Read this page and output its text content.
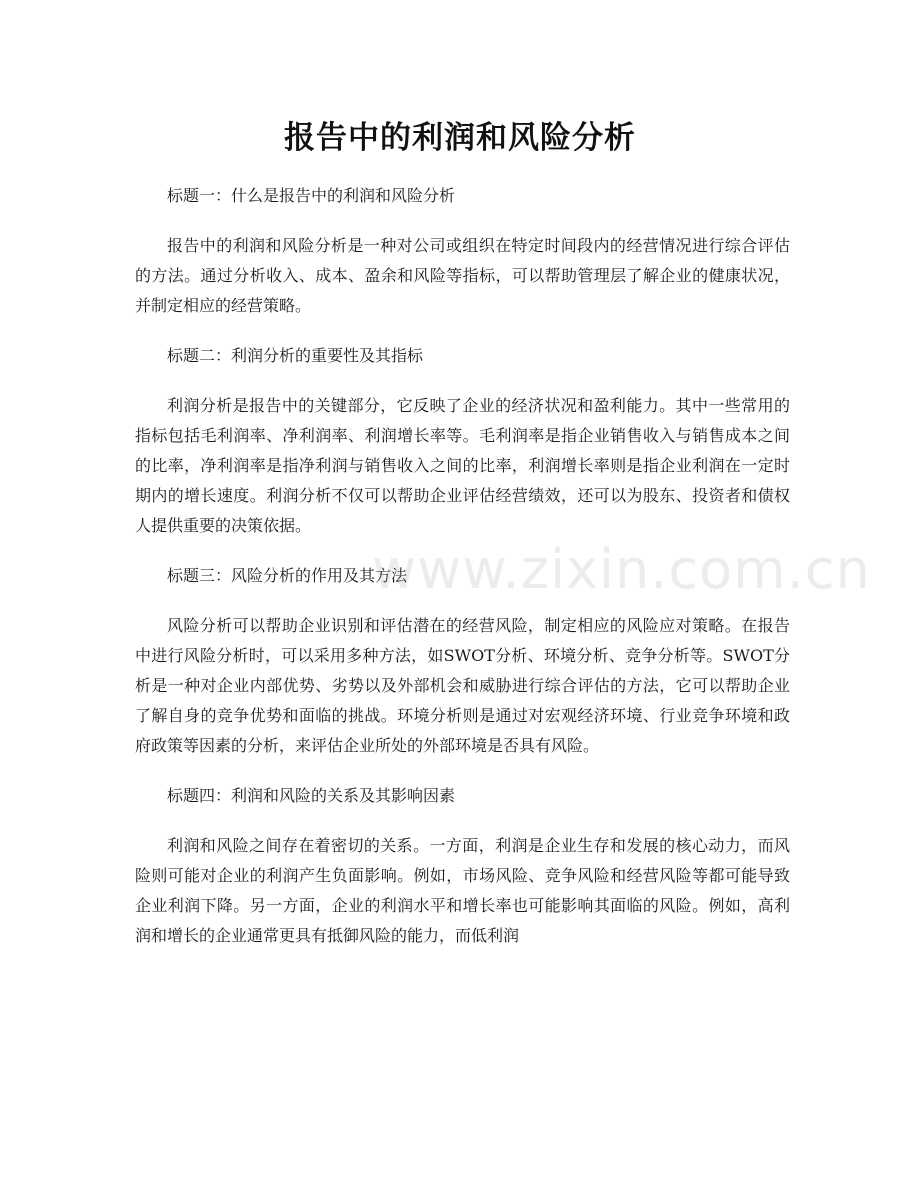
报告中的利润和风险分析

标题一：什么是报告中的利润和风险分析

报告中的利润和风险分析是一种对公司或组织在特定时间段内的经营情况进行综合评估的方法。通过分析收入、成本、盈余和风险等指标，可以帮助管理层了解企业的健康状况，并制定相应的经营策略。

标题二：利润分析的重要性及其指标

利润分析是报告中的关键部分，它反映了企业的经济状况和盈利能力。其中一些常用的指标包括毛利润率、净利润率、利润增长率等。毛利润率是指企业销售收入与销售成本之间的比率，净利润率是指净利润与销售收入之间的比率，利润增长率则是指企业利润在一定时期内的增长速度。利润分析不仅可以帮助企业评估经营绩效，还可以为股东、投资者和债权人提供重要的决策依据。

标题三：风险分析的作用及其方法

风险分析可以帮助企业识别和评估潜在的经营风险，制定相应的风险应对策略。在报告中进行风险分析时，可以采用多种方法，如SWOT分析、环境分析、竞争分析等。SWOT分析是一种对企业内部优势、劣势以及外部机会和威胁进行综合评估的方法，它可以帮助企业了解自身的竞争优势和面临的挑战。环境分析则是通过对宏观经济环境、行业竞争环境和政府政策等因素的分析，来评估企业所处的外部环境是否具有风险。

标题四：利润和风险的关系及其影响因素

利润和风险之间存在着密切的关系。一方面，利润是企业生存和发展的核心动力，而风险则可能对企业的利润产生负面影响。例如，市场风险、竞争风险和经营风险等都可能导致企业利润下降。另一方面，企业的利润水平和增长率也可能影响其面临的风险。例如，高利润和增长的企业通常更具有抵御风险的能力，而低利润

www.zixin.com.cn
